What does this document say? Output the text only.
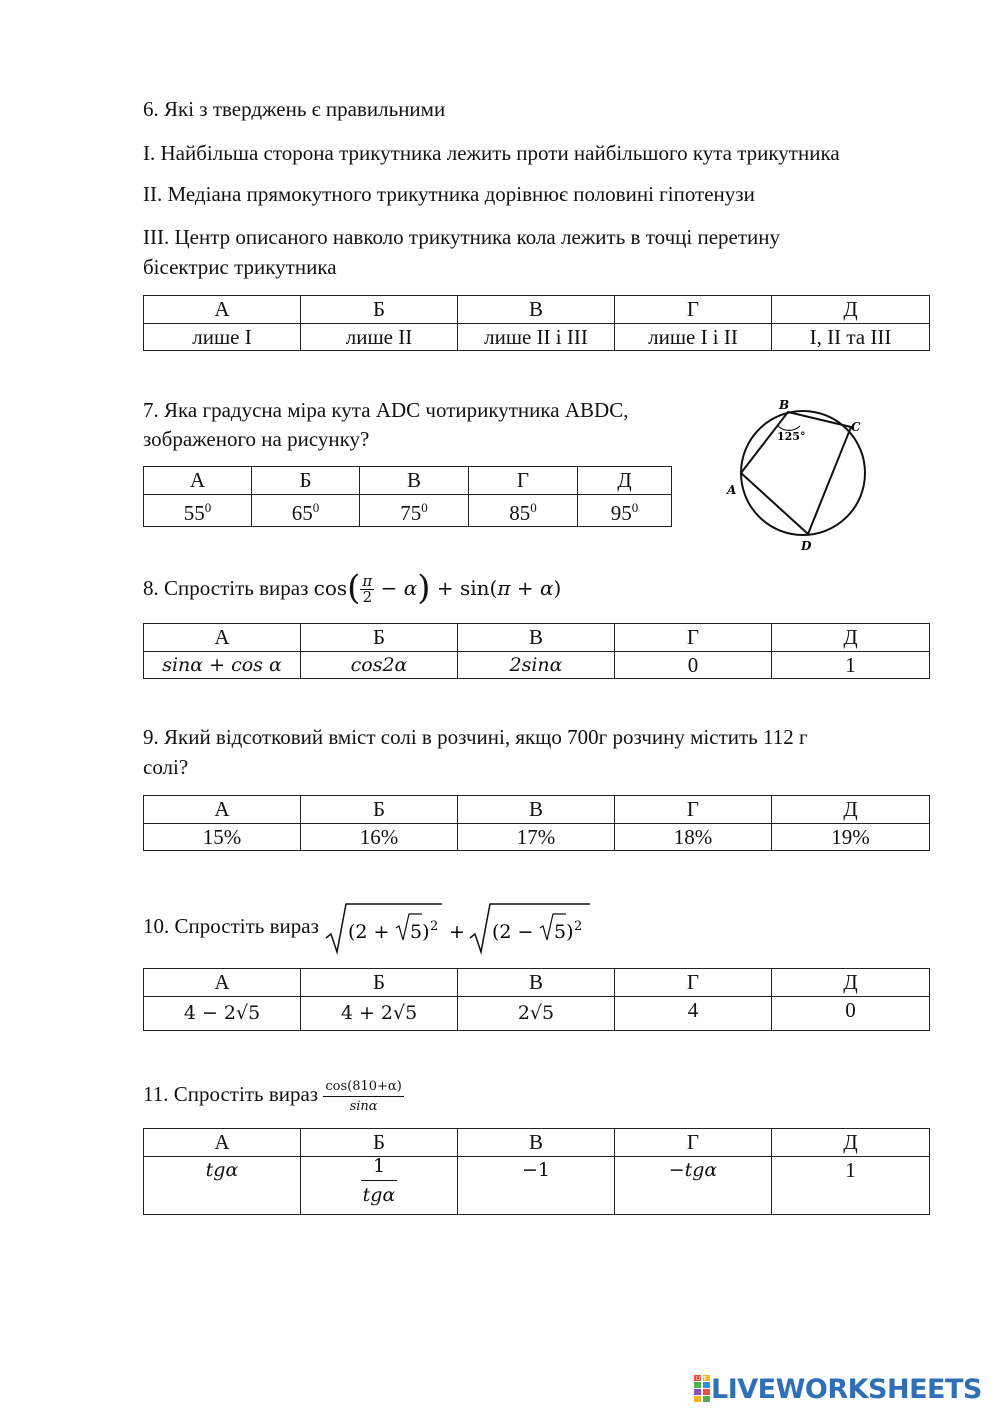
6. Які з тверджень є правильними
I. Найбільша сторона трикутника лежить проти найбільшого кута трикутника
II. Медіана прямокутного трикутника дорівнює половині гіпотенузи
III. Центр описаного навколо трикутника кола лежить в точці перетину
бісектрис трикутника
А	Б	В	Г	Д
лише I	лише II	лише II і III	лише I і II	I, II та III
7. Яка градусна міра кута ADC чотирикутника ABDC,
зображеного на рисунку?
А	Б	В	Г	Д
$55^0$	$65^0$	$75^0$	$85^0$	$95^0$
B
C
A
D
125°
8. Спростіть вираз $\cos( \frac{\pi}{2} - \alpha) + \sin(\pi + \alpha)$
А	Б	В	Г	Д
sinα + cos α	cos2α	2sinα	0	1
9. Який відсотковий вміст солі в розчині, якщо 700г розчину містить 112 г
солі?
А	Б	В	Г	Д
15%	16%	17%	18%	19%
10. Спростіть вираз (2 + 5) 2 + (2 − 5) 2
А	Б	В	Г	Д
4 − 2√5	4 + 2√5	2√5	4	0
11. Спростіть вираз $\frac{\cos(810+\alpha)}{\sin\alpha}$
А	Б	В	Г	Д
tgα	$\frac{1}{\text{tgα}}$	−1	−tgα	1
LIVE LIVEWORKSHEETS
